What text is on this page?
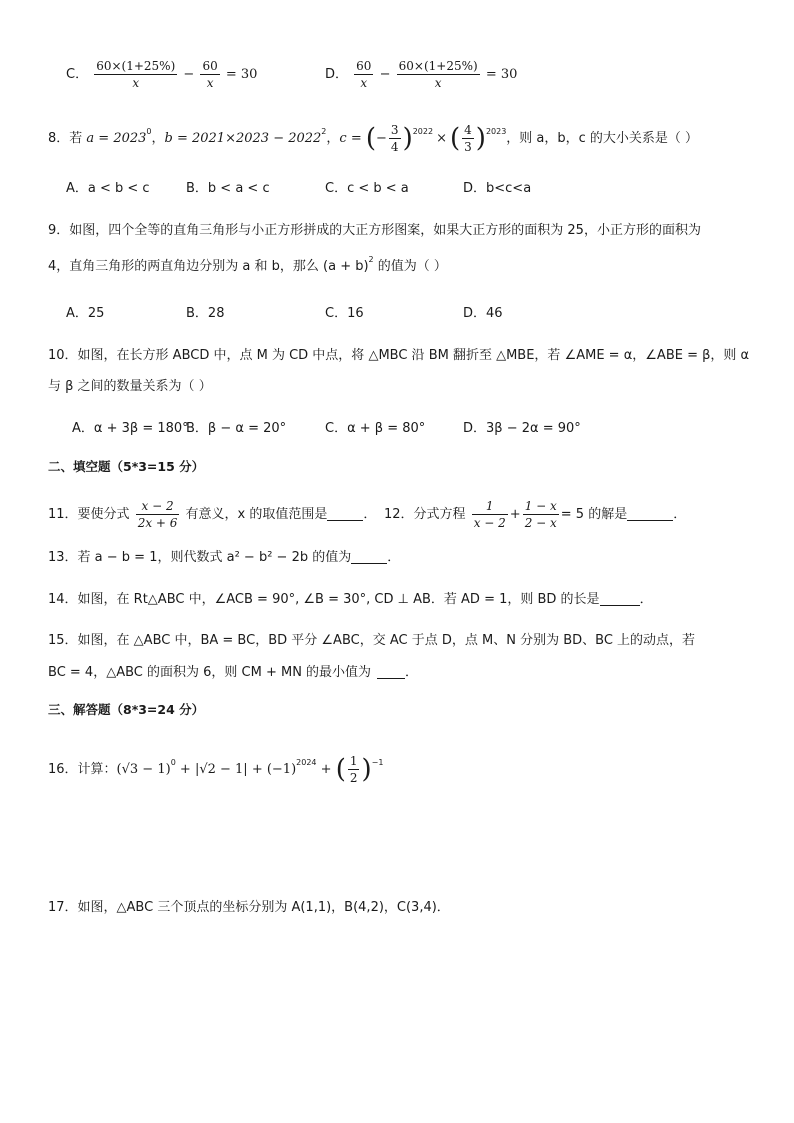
C． $\frac{60\times(1+25\%)}{x} - \frac{60}{x} = 30$	D． $\frac{60}{x} - \frac{60\times(1+25\%)}{x} = 30$
8．若 $a = 2023^0$，$b = 2021\times 2023 - 2022^2$，c = (− $\frac{3}{4} )^{2022}$ × ( $\frac{4}{3} )^{2023}$，则 a，b，c 的大小关系是（ ）
A．a < b < c	B．b < a < c	C．c < b < a	D．b<c<a
9．如图，四个全等的直角三角形与小正方形拼成的大正方形图案，如果大正方形的面积为 25，小正方形的面积为
4，直角三角形的两直角边分别为 a 和 b，那么 $(a + b)^2$ 的值为（ ）
A．25	B．28	C．16	D．46
10．如图，在长方形 ABCD 中，点 M 为 CD 中点，将 △MBC 沿 BM 翻折至 △MBE，若 ∠AME = α，∠ABE = β，则 α
与 β 之间的数量关系为（ ）
A．α + 3β = 180°
B．β − α = 20°	C．α + β = 80°	D．3β − 2α = 90°
二、填空题（5*3=15 分）
11．要使分式 $\frac{x - 2}{2x + 6}$ 有意义，x 的取值范围是	． 12．分式方程 $\frac{1}{x - 2} + \frac{1 - x}{2 - x} = 5$ 的解是	．
13．若 a − b = 1，则代数式 a² − b² − 2b 的值为	．
14．如图，在 Rt△ABC 中，∠ACB = 90°, ∠B = 30°, CD ⊥ AB．若 AD = 1，则 BD 的长是	．
15．如图，在 △ABC 中，BA = BC，BD 平分 ∠ABC，交 AC 于点 D，点 M、N 分别为 BD、BC 上的动点，若
BC = 4，△ABC 的面积为 6，则 CM + MN 的最小值为	．
三、解答题（8*3=24 分）
16．计算：$(√3 - 1)^0 + |√2 - 1| + (-1)^{2024}$ + ( $\frac{1}{2} )^{-1}$
17．如图，△ABC 三个顶点的坐标分别为 A(1,1)，B(4,2)，C(3,4)．
